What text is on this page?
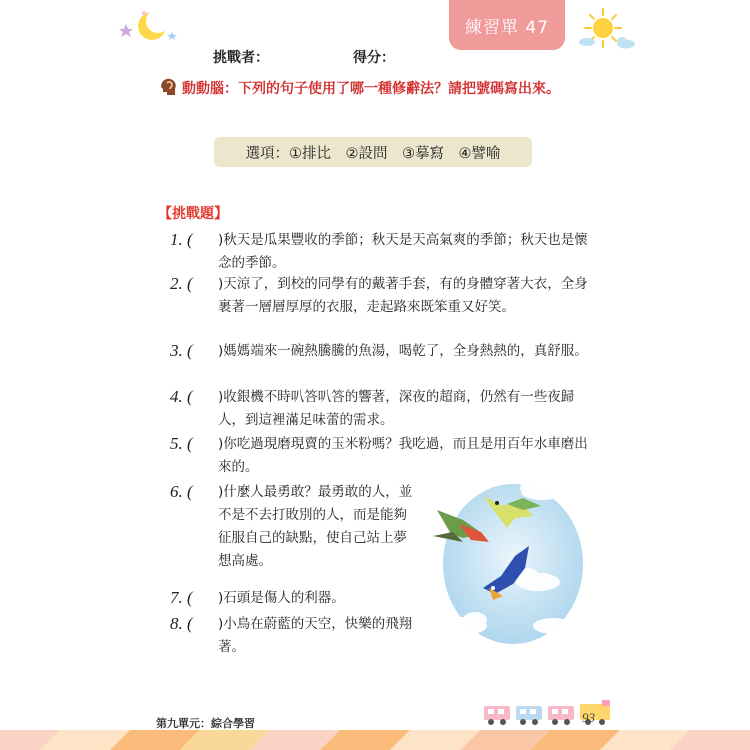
練習單 47
挑戰者：	得分：
動動腦：下列的句子使用了哪一種修辭法？請把號碼寫出來。
選項：①排比　②設問　③摹寫　④譬喻
【挑戰題】
1. (	)秋天是瓜果豐收的季節；秋天是天高氣爽的季節；秋天也是懷念的季節。
2. (	)天涼了，到校的同學有的戴著手套，有的身體穿著大衣，全身裹著一層層厚厚的衣服，走起路來既笨重又好笑。
3. (	)媽媽端來一碗熱騰騰的魚湯，喝乾了，全身熱熱的，真舒服。
4. (	)收銀機不時叭答叭答的響著，深夜的超商，仍然有一些夜歸人，到這裡滿足味蕾的需求。
5. (	)你吃過現磨現賣的玉米粉嗎？我吃過，而且是用百年水車磨出來的。
6. (	)什麼人最勇敢？最勇敢的人，並不是不去打敗別的人，而是能夠征服自己的缺點，使自己站上夢想高處。
7. (	)石頭是傷人的利器。
8. (	)小鳥在蔚藍的天空，快樂的飛翔著。
第九單元：綜合學習	93
